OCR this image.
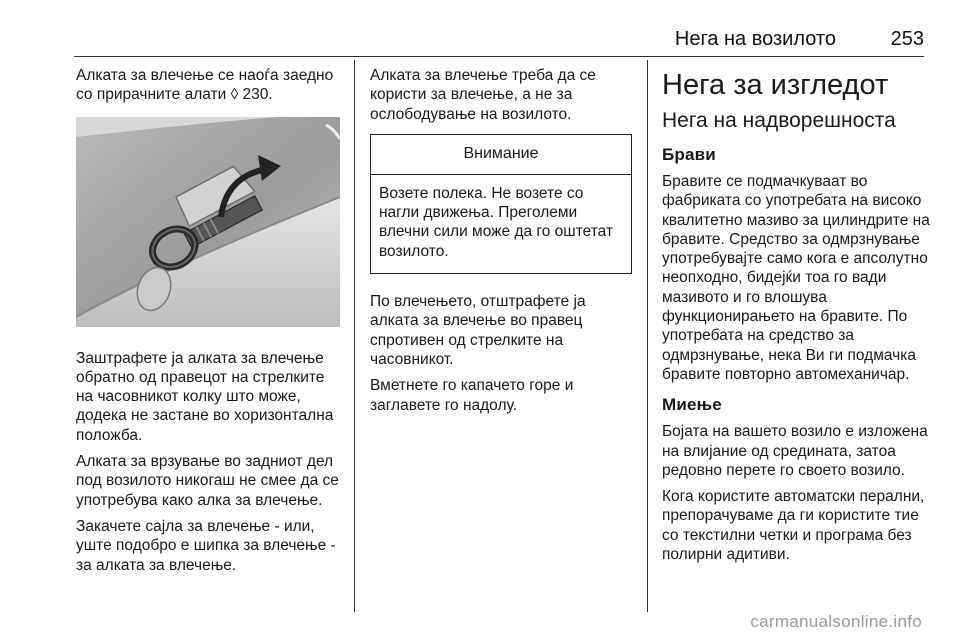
Нега на возилото	253

Алката за влечење се наоѓа заедно со прирачните алати ◊ 230.

Заштрафете ја алката за влечење обратно од правецот на стрелките на часовникот колку што може, додека не застане во хоризонтална положба.

Алката за врзување во задниот дел под возилото никогаш не смее да се употребува како алка за влечење.

Закачете сајла за влечење - или, уште подобро е шипка за влечење - за алката за влечење.

Алката за влечење треба да се користи за влечење, а не за ослободување на возилото.

Внимание
Возете полека. Не возете со нагли движења. Преголеми влечни сили може да го оштетат возилото.

По влечењето, отштрафете ја алката за влечење во правец спротивен од стрелките на часовникот.

Вметнете го капачето горе и заглавете го надолу.

Нега за изгледот
Нега на надворешноста
Брави

Бравите се подмачкуваат во фабриката со употребата на високо квалитетно мазиво за цилиндрите на бравите. Средство за одмрзнување употребувајте само кога е апсолутно неопходно, бидејќи тоа го вади мазивото и го влошува функционирањето на бравите. По употребата на средство за одмрзнување, нека Ви ги подмачка бравите повторно автомеханичар.

Миење

Бојата на вашето возило е изложена на влијание од средината, затоа редовно перете го своето возило.

Кога користите автоматски перални, препорачуваме да ги користите тие со текстилни четки и програма без полирни адитиви.

carmanualsonline.info
